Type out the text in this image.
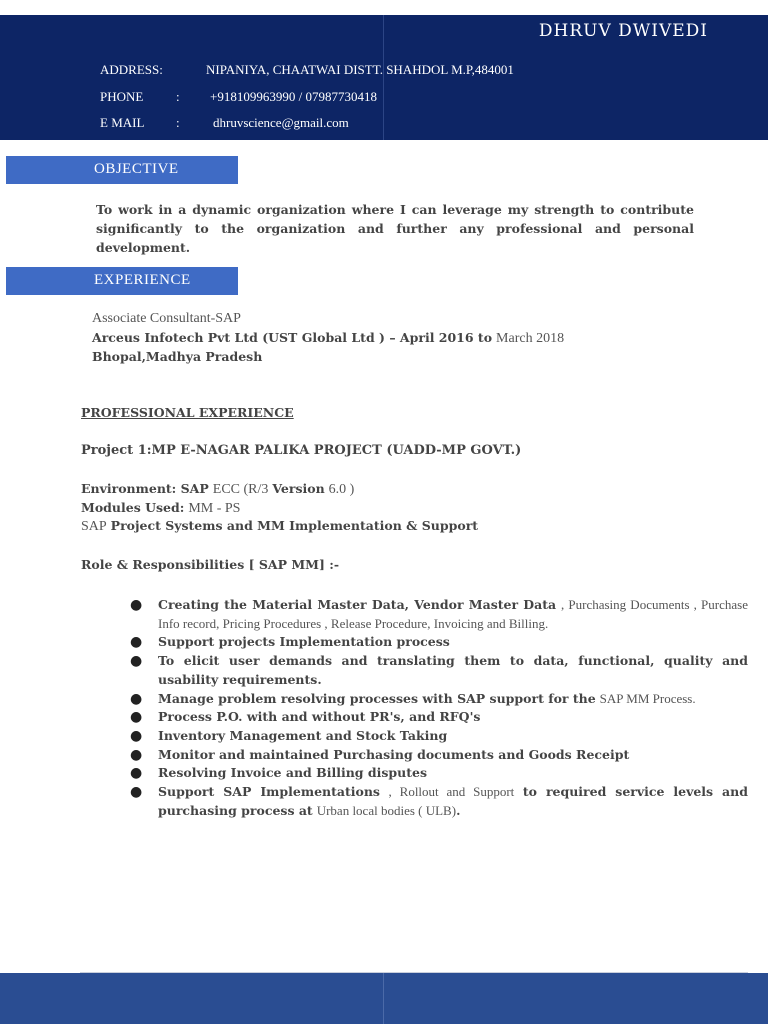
DHRUV DWIVEDI
ADDRESS:	NIPANIYA, CHAATWAI DISTT. SHAHDOL M.P,484001
PHONE	: +918109963990 / 07987730418
E MAIL :	dhruvscience@gmail.com
OBJECTIVE
To work in a dynamic organization where I can leverage my strength to contribute significantly to the organization and further any professional and personal development.
EXPERIENCE
Associate Consultant-SAP
Arceus Infotech Pvt Ltd (UST Global Ltd ) – April 2016 to March 2018
Bhopal,Madhya Pradesh
PROFESSIONAL EXPERIENCE
Project 1:MP E-NAGAR PALIKA PROJECT (UADD-MP GOVT.)
Environment: SAP ECC (R/3 Version 6.0 )
Modules Used: MM - PS
SAP Project Systems and MM Implementation & Support
Role & Responsibilities [ SAP MM] :-
● Creating the Material Master Data, Vendor Master Data , Purchasing Documents , Purchase Info record, Pricing Procedures , Release Procedure, Invoicing and Billing.
● Support projects Implementation process
● To elicit user demands and translating them to data, functional, quality and usability requirements.
● Manage problem resolving processes with SAP support for the SAP MM Process.
● Process P.O. with and without PR's, and RFQ's
● Inventory Management and Stock Taking
● Monitor and maintained Purchasing documents and Goods Receipt
● Resolving Invoice and Billing disputes
● Support SAP Implementations , Rollout and Support to required service levels and purchasing process at Urban local bodies ( ULB).
